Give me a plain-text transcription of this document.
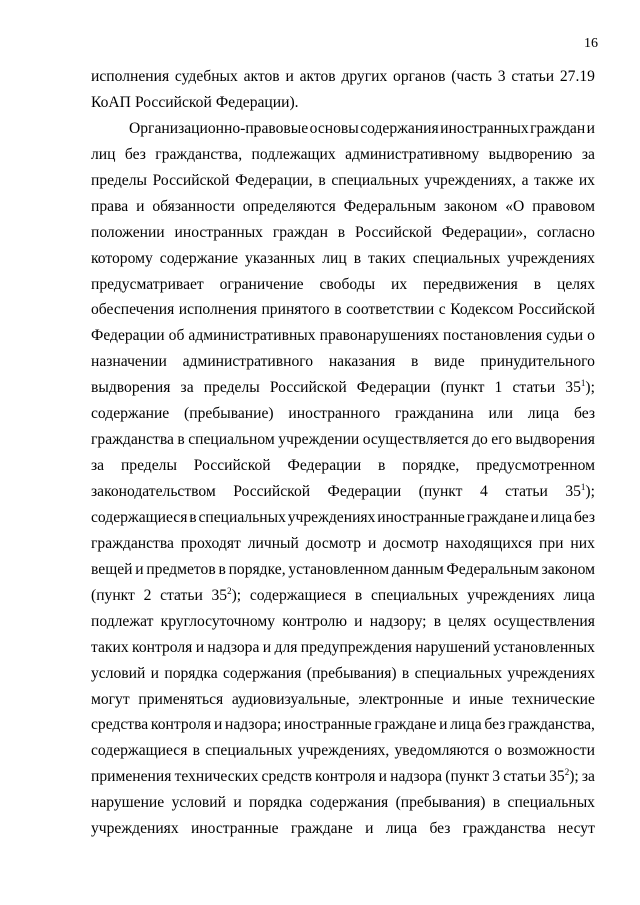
16
исполнения судебных актов и актов других органов (часть 3 статьи 27.19
КоАП Российской Федерации).
Организационно-правовые основы содержания иностранных граждан и
лиц без гражданства, подлежащих административному выдворению за
пределы Российской Федерации, в специальных учреждениях, а также их
права и обязанности определяются Федеральным законом «О правовом
положении иностранных граждан в Российской Федерации», согласно
которому содержание указанных лиц в таких специальных учреждениях
предусматривает ограничение свободы их передвижения в целях
обеспечения исполнения принятого в соответствии с Кодексом Российской
Федерации об административных правонарушениях постановления судьи о
назначении административного наказания в виде принудительного
выдворения за пределы Российской Федерации (пункт 1 статьи $35^1$);
содержание (пребывание) иностранного гражданина или лица без
гражданства в специальном учреждении осуществляется до его выдворения
за пределы Российской Федерации в порядке, предусмотренном
законодательством Российской Федерации (пункт 4 статьи $35^1$);
содержащиеся в специальных учреждениях иностранные граждане и лица без
гражданства проходят личный досмотр и досмотр находящихся при них
вещей и предметов в порядке, установленном данным Федеральным законом
(пункт 2 статьи $35^2$); содержащиеся в специальных учреждениях лица
подлежат круглосуточному контролю и надзору; в целях осуществления
таких контроля и надзора и для предупреждения нарушений установленных
условий и порядка содержания (пребывания) в специальных учреждениях
могут применяться аудиовизуальные, электронные и иные технические
средства контроля и надзора; иностранные граждане и лица без гражданства,
содержащиеся в специальных учреждениях, уведомляются о возможности
применения технических средств контроля и надзора (пункт 3 статьи $35^2$); за
нарушение условий и порядка содержания (пребывания) в специальных
учреждениях иностранные граждане и лица без гражданства несут
